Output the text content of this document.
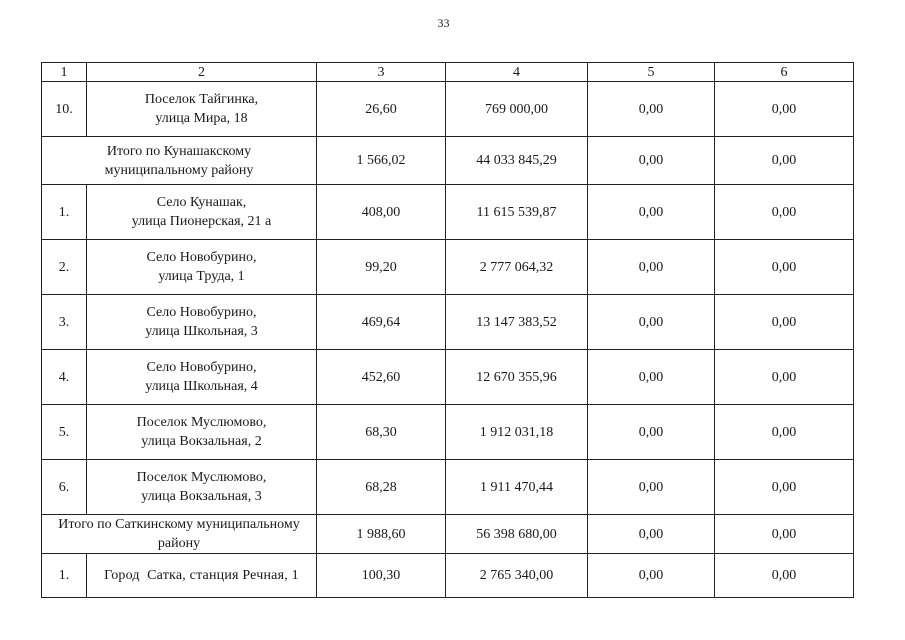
33
1	2	3	4	5	6
10.	Поселок Тайгинка,
улица Мира, 18	26,60	769 000,00	0,00	0,00

Итого по Кунашакскому
муниципальному району		1 566,02	44 033 845,29	0,00	0,00
1.	Село Кунашак,
улица Пионерская, 21 а	408,00	11 615 539,87	0,00	0,00
2.	Село Новобурино,
улица Труда, 1	99,20	2 777 064,32	0,00	0,00
3.	Село Новобурино,
улица Школьная, 3	469,64	13 147 383,52	0,00	0,00
4.	Село Новобурино,
улица Школьная, 4	452,60	12 670 355,96	0,00	0,00
5.	Поселок Муслюмово,
улица Вокзальная, 2	68,30	1 912 031,18	0,00	0,00
6.	Поселок Муслюмово,
улица Вокзальная, 3	68,28	1 911 470,44	0,00	0,00

Итого по Саткинскому муниципальному
району		1 988,60	56 398 680,00	0,00	0,00
1.	Город  Сатка, станция Речная, 1	100,30	2 765 340,00	0,00	0,00
